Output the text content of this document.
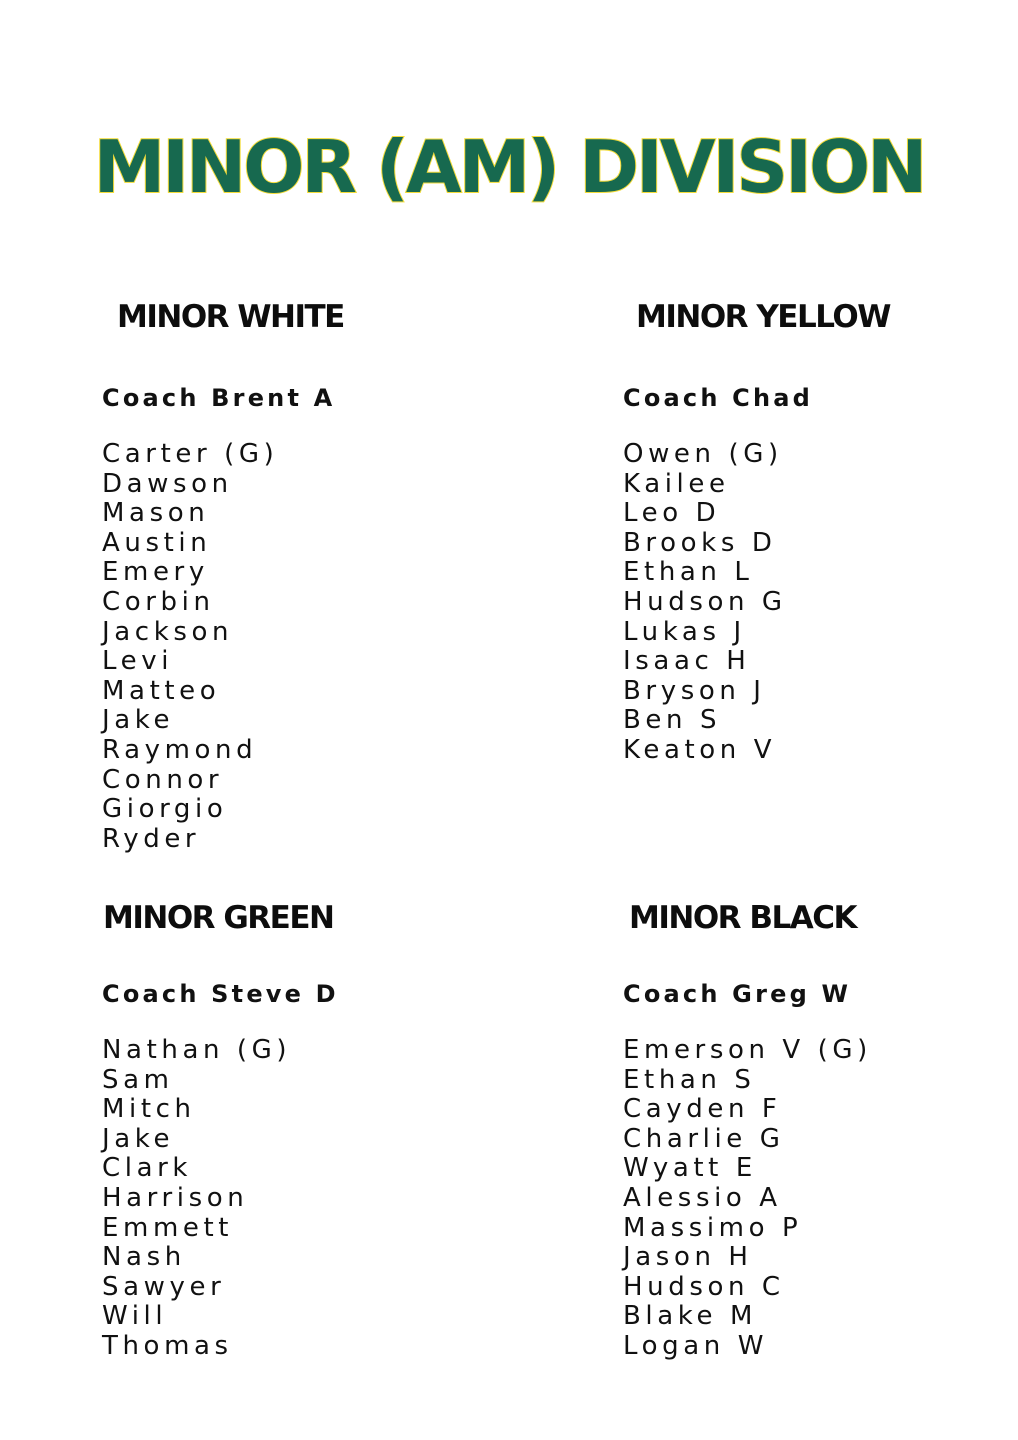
MINOR (AM) DIVISION
MINOR WHITE
Coach Brent A
Carter (G)
Dawson
Mason
Austin
Emery
Corbin
Jackson
Levi
Matteo
Jake
Raymond
Connor
Giorgio
Ryder
MINOR YELLOW
Coach Chad
Owen (G)
Kailee
Leo D
Brooks D
Ethan L
Hudson G
Lukas J
Isaac H
Bryson J
Ben S
Keaton V
MINOR GREEN
Coach Steve D
Nathan (G)
Sam
Mitch
Jake
Clark
Harrison
Emmett
Nash
Sawyer
Will
Thomas
MINOR BLACK
Coach Greg W
Emerson V (G)
Ethan S
Cayden F
Charlie G
Wyatt E
Alessio A
Massimo P
Jason H
Hudson C
Blake M
Logan W
